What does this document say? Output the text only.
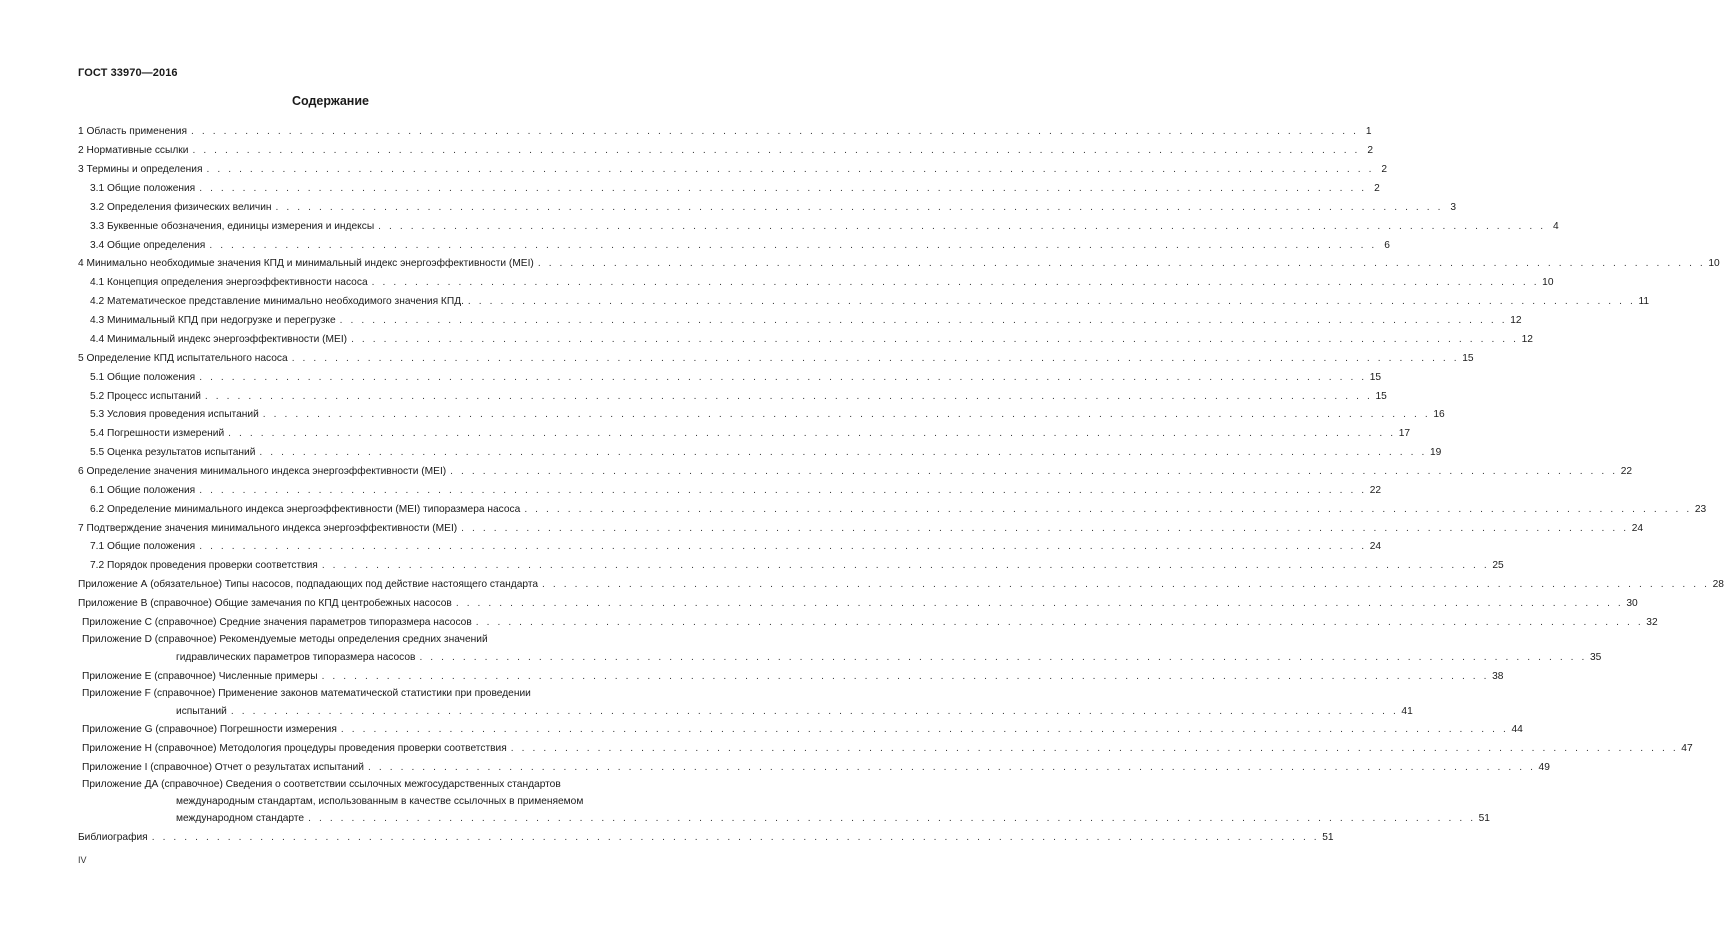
ГОСТ 33970—2016
Содержание
1 Область применения . . . . . . . . . . . . . . . . . . . . . . . . . . . . . . . . . . . . . . . . . . . . . . . . . . . . . . . . . . . . . . . . . . . . . . . . . . . . . . . . . . . . . . . . . . . . . . . . . . . . . . . . . . . . 1
2 Нормативные ссылки . . . . . . . . . . . . . . . . . . . . . . . . . . . . . . . . . . . . . . . . . . . . . . . . . . . . . . . . . . . . . . . . . . . . . . . . . . . . . . . . . . . . . . . . . . . . . . . . . . . . . . . . . . . . 2
3 Термины и определения . . . . . . . . . . . . . . . . . . . . . . . . . . . . . . . . . . . . . . . . . . . . . . . . . . . . . . . . . . . . . . . . . . . . . . . . . . . . . . . . . . . . . . . . . . . . . . . . . . . . . . . . . . . . 2
3.1 Общие положения . . . . . . . . . . . . . . . . . . . . . . . . . . . . . . . . . . . . . . . . . . . . . . . . . . . . . . . . . . . . . . . . . . . . . . . . . . . . . . . . . . . . . . . . . . . . . . . . . . . . . . . . . . . . 2
3.2 Определения физических величин . . . . . . . . . . . . . . . . . . . . . . . . . . . . . . . . . . . . . . . . . . . . . . . . . . . . . . . . . . . . . . . . . . . . . . . . . . . . . . . . . . . . . . . . . . . . . . . . . . . . . . . . . . . . 3
3.3 Буквенные обозначения, единицы измерения и индексы . . . . . . . . . . . . . . . . . . . . . . . . . . . . . . . . . . . . . . . . . . . . . . . . . . . . . . . . . . . . . . . . . . . . . . . . . . . . . . . . . . . . . . . . . . . . . . . . . . . . . . . . . . . . 4
3.4 Общие определения . . . . . . . . . . . . . . . . . . . . . . . . . . . . . . . . . . . . . . . . . . . . . . . . . . . . . . . . . . . . . . . . . . . . . . . . . . . . . . . . . . . . . . . . . . . . . . . . . . . . . . . . . . . . 6
4 Минимально необходимые значения КПД и минимальный индекс энергоэффективности (MEI) . . . . . . . . . . . . . . . . . . . . . . . . . . . . . . . . . . . . . . . . . . . . . . . . . . . . . . . . . . . . . . . . . . . . . . . . . . . . . . . . . . . . . . . . . . . . . . . . . . . . . . . . . . . . 10
4.1 Концепция определения энергоэффективности насоса . . . . . . . . . . . . . . . . . . . . . . . . . . . . . . . . . . . . . . . . . . . . . . . . . . . . . . . . . . . . . . . . . . . . . . . . . . . . . . . . . . . . . . . . . . . . . . . . . . . . . . . . . . . . 10
4.2 Математическое представление минимально необходимого значения КПД. . . . . . . . . . . . . . . . . . . . . . . . . . . . . . . . . . . . . . . . . . . . . . . . . . . . . . . . . . . . . . . . . . . . . . . . . . . . . . . . . . . . . . . . . . . . . . . . . . . . . . . . . . . . . 11
4.3 Минимальный КПД при недогрузке и перегрузке . . . . . . . . . . . . . . . . . . . . . . . . . . . . . . . . . . . . . . . . . . . . . . . . . . . . . . . . . . . . . . . . . . . . . . . . . . . . . . . . . . . . . . . . . . . . . . . . . . . . . . . . . . . . 12
4.4 Минимальный индекс энергоэффективности (MEI) . . . . . . . . . . . . . . . . . . . . . . . . . . . . . . . . . . . . . . . . . . . . . . . . . . . . . . . . . . . . . . . . . . . . . . . . . . . . . . . . . . . . . . . . . . . . . . . . . . . . . . . . . . . . 12
5 Определение КПД испытательного насоса . . . . . . . . . . . . . . . . . . . . . . . . . . . . . . . . . . . . . . . . . . . . . . . . . . . . . . . . . . . . . . . . . . . . . . . . . . . . . . . . . . . . . . . . . . . . . . . . . . . . . . . . . . . . 15
5.1 Общие положения . . . . . . . . . . . . . . . . . . . . . . . . . . . . . . . . . . . . . . . . . . . . . . . . . . . . . . . . . . . . . . . . . . . . . . . . . . . . . . . . . . . . . . . . . . . . . . . . . . . . . . . . . . . . 15
5.2 Процесс испытаний . . . . . . . . . . . . . . . . . . . . . . . . . . . . . . . . . . . . . . . . . . . . . . . . . . . . . . . . . . . . . . . . . . . . . . . . . . . . . . . . . . . . . . . . . . . . . . . . . . . . . . . . . . . . 15
5.3 Условия проведения испытаний . . . . . . . . . . . . . . . . . . . . . . . . . . . . . . . . . . . . . . . . . . . . . . . . . . . . . . . . . . . . . . . . . . . . . . . . . . . . . . . . . . . . . . . . . . . . . . . . . . . . . . . . . . . . 16
5.4 Погрешности измерений . . . . . . . . . . . . . . . . . . . . . . . . . . . . . . . . . . . . . . . . . . . . . . . . . . . . . . . . . . . . . . . . . . . . . . . . . . . . . . . . . . . . . . . . . . . . . . . . . . . . . . . . . . . . 17
5.5 Оценка результатов испытаний . . . . . . . . . . . . . . . . . . . . . . . . . . . . . . . . . . . . . . . . . . . . . . . . . . . . . . . . . . . . . . . . . . . . . . . . . . . . . . . . . . . . . . . . . . . . . . . . . . . . . . . . . . . . 19
6 Определение значения минимального индекса энергоэффективности (MEI) . . . . . . . . . . . . . . . . . . . . . . . . . . . . . . . . . . . . . . . . . . . . . . . . . . . . . . . . . . . . . . . . . . . . . . . . . . . . . . . . . . . . . . . . . . . . . . . . . . . . . . . . . . . . 22
6.1 Общие положения . . . . . . . . . . . . . . . . . . . . . . . . . . . . . . . . . . . . . . . . . . . . . . . . . . . . . . . . . . . . . . . . . . . . . . . . . . . . . . . . . . . . . . . . . . . . . . . . . . . . . . . . . . . . 22
6.2 Определение минимального индекса энергоэффективности (MEI) типоразмера насоса . . . . . . . . . . . . . . . . . . . . . . . . . . . . . . . . . . . . . . . . . . . . . . . . . . . . . . . . . . . . . . . . . . . . . . . . . . . . . . . . . . . . . . . . . . . . . . . . . . . . . . . . . . . . 23
7 Подтверждение значения минимального индекса энергоэффективности (MEI) . . . . . . . . . . . . . . . . . . . . . . . . . . . . . . . . . . . . . . . . . . . . . . . . . . . . . . . . . . . . . . . . . . . . . . . . . . . . . . . . . . . . . . . . . . . . . . . . . . . . . . . . . . . . 24
7.1 Общие положения . . . . . . . . . . . . . . . . . . . . . . . . . . . . . . . . . . . . . . . . . . . . . . . . . . . . . . . . . . . . . . . . . . . . . . . . . . . . . . . . . . . . . . . . . . . . . . . . . . . . . . . . . . . . 24
7.2 Порядок проведения проверки соответствия . . . . . . . . . . . . . . . . . . . . . . . . . . . . . . . . . . . . . . . . . . . . . . . . . . . . . . . . . . . . . . . . . . . . . . . . . . . . . . . . . . . . . . . . . . . . . . . . . . . . . . . . . . . . 25
Приложение А (обязательное) Типы насосов, подпадающих под действие настоящего стандарта . . . . . . . . . . . . . . . . . . . . . . . . . . . . . . . . . . . . . . . . . . . . . . . . . . . . . . . . . . . . . . . . . . . . . . . . . . . . . . . . . . . . . . . . . . . . . . . . . . . . . . . . . . . . 28
Приложение В (справочное) Общие замечания по КПД центробежных насосов . . . . . . . . . . . . . . . . . . . . . . . . . . . . . . . . . . . . . . . . . . . . . . . . . . . . . . . . . . . . . . . . . . . . . . . . . . . . . . . . . . . . . . . . . . . . . . . . . . . . . . . . . . . . 30
Приложение С (справочное) Средние значения параметров типоразмера насосов . . . . . . . . . . . . . . . . . . . . . . . . . . . . . . . . . . . . . . . . . . . . . . . . . . . . . . . . . . . . . . . . . . . . . . . . . . . . . . . . . . . . . . . . . . . . . . . . . . . . . . . . . . . . 32
Приложение D (справочное) Рекомендуемые методы определения средних значений
гидравлических параметров типоразмера насосов . . . . . . . . . . . . . . . . . . . . . . . . . . . . . . . . . . . . . . . . . . . . . . . . . . . . . . . . . . . . . . . . . . . . . . . . . . . . . . . . . . . . . . . . . . . . . . . . . . . . . . . . . . . . 35
Приложение Е (справочное) Численные примеры . . . . . . . . . . . . . . . . . . . . . . . . . . . . . . . . . . . . . . . . . . . . . . . . . . . . . . . . . . . . . . . . . . . . . . . . . . . . . . . . . . . . . . . . . . . . . . . . . . . . . . . . . . . . 38
Приложение F (справочное) Применение законов математической статистики при проведении
испытаний . . . . . . . . . . . . . . . . . . . . . . . . . . . . . . . . . . . . . . . . . . . . . . . . . . . . . . . . . . . . . . . . . . . . . . . . . . . . . . . . . . . . . . . . . . . . . . . . . . . . . . . . . . . . 41
Приложение G (справочное) Погрешности измерения . . . . . . . . . . . . . . . . . . . . . . . . . . . . . . . . . . . . . . . . . . . . . . . . . . . . . . . . . . . . . . . . . . . . . . . . . . . . . . . . . . . . . . . . . . . . . . . . . . . . . . . . . . . . 44
Приложение H (справочное) Методология процедуры проведения проверки соответствия . . . . . . . . . . . . . . . . . . . . . . . . . . . . . . . . . . . . . . . . . . . . . . . . . . . . . . . . . . . . . . . . . . . . . . . . . . . . . . . . . . . . . . . . . . . . . . . . . . . . . . . . . . . . 47
Приложение I (справочное) Отчет о результатах испытаний . . . . . . . . . . . . . . . . . . . . . . . . . . . . . . . . . . . . . . . . . . . . . . . . . . . . . . . . . . . . . . . . . . . . . . . . . . . . . . . . . . . . . . . . . . . . . . . . . . . . . . . . . . . . 49
Приложение ДА (справочное) Сведения о соответствии ссылочных межгосударственных стандартов
международным стандартам, использованным в качестве ссылочных в применяемом
международном стандарте . . . . . . . . . . . . . . . . . . . . . . . . . . . . . . . . . . . . . . . . . . . . . . . . . . . . . . . . . . . . . . . . . . . . . . . . . . . . . . . . . . . . . . . . . . . . . . . . . . . . . . . . . . . . 51
Библиография . . . . . . . . . . . . . . . . . . . . . . . . . . . . . . . . . . . . . . . . . . . . . . . . . . . . . . . . . . . . . . . . . . . . . . . . . . . . . . . . . . . . . . . . . . . . . . . . . . . . . . . . . . . . 51
IV
